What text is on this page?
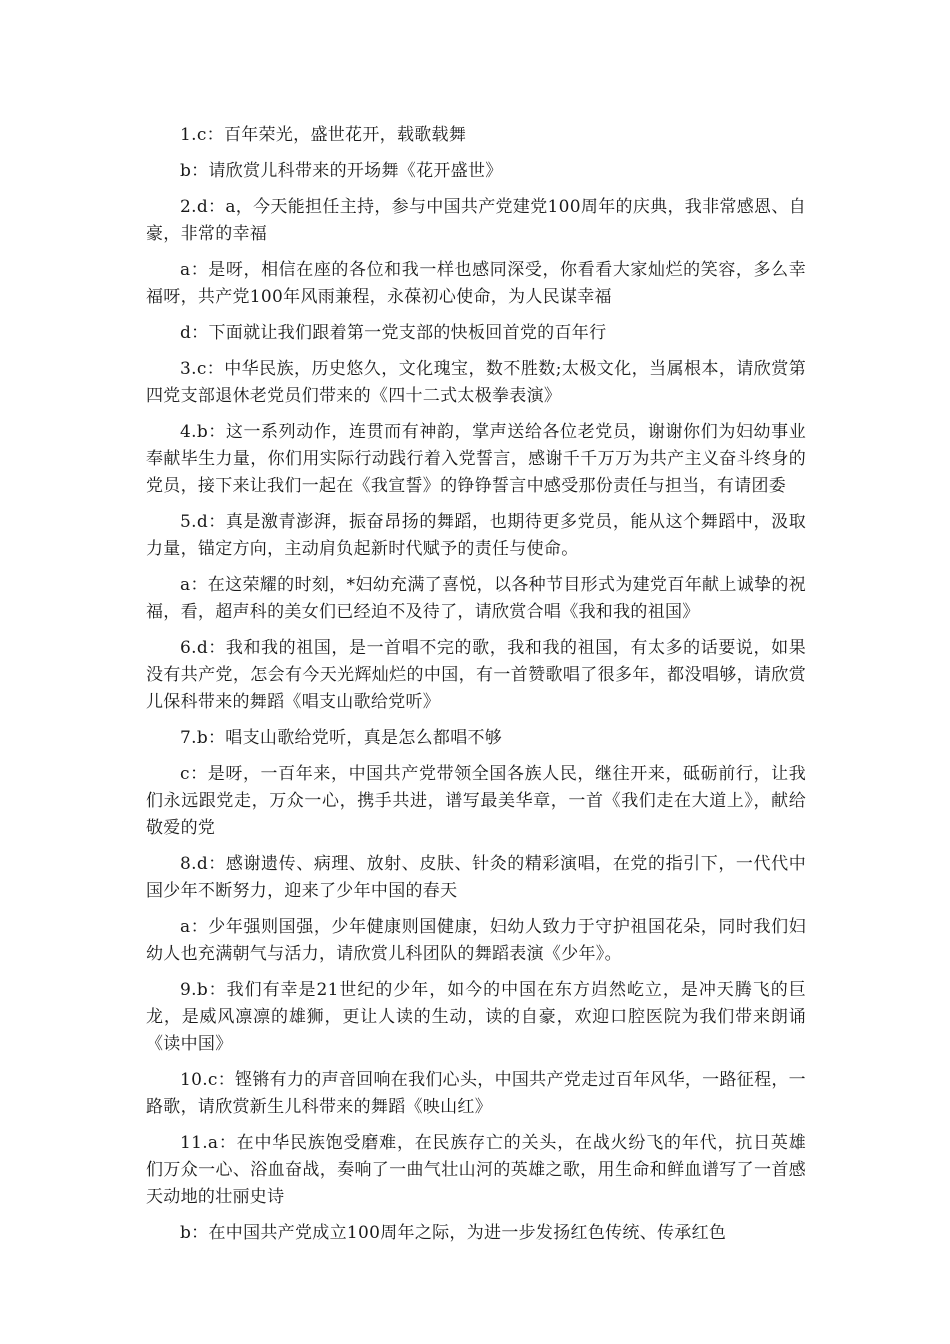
1.c：百年荣光，盛世花开，载歌载舞

b：请欣赏儿科带来的开场舞《花开盛世》

2.d：a，今天能担任主持，参与中国共产党建党100周年的庆典，我非常感恩、自豪，非常的幸福

a：是呀，相信在座的各位和我一样也感同深受，你看看大家灿烂的笑容，多么幸福呀，共产党100年风雨兼程，永葆初心使命，为人民谋幸福

d：下面就让我们跟着第一党支部的快板回首党的百年行

3.c：中华民族，历史悠久，文化瑰宝，数不胜数;太极文化，当属根本，请欣赏第四党支部退休老党员们带来的《四十二式太极拳表演》

4.b：这一系列动作，连贯而有神韵，掌声送给各位老党员，谢谢你们为妇幼事业奉献毕生力量，你们用实际行动践行着入党誓言，感谢千千万万为共产主义奋斗终身的党员，接下来让我们一起在《我宣誓》的铮铮誓言中感受那份责任与担当，有请团委

5.d：真是激青澎湃，振奋昂扬的舞蹈，也期待更多党员，能从这个舞蹈中，汲取力量，锚定方向，主动肩负起新时代赋予的责任与使命。

a：在这荣耀的时刻，*妇幼充满了喜悦，以各种节目形式为建党百年献上诚挚的祝福，看，超声科的美女们已经迫不及待了，请欣赏合唱《我和我的祖国》

6.d：我和我的祖国，是一首唱不完的歌，我和我的祖国，有太多的话要说，如果没有共产党，怎会有今天光辉灿烂的中国，有一首赞歌唱了很多年，都没唱够，请欣赏儿保科带来的舞蹈《唱支山歌给党听》

7.b：唱支山歌给党听，真是怎么都唱不够

c：是呀，一百年来，中国共产党带领全国各族人民，继往开来，砥砺前行，让我们永远跟党走，万众一心，携手共进，谱写最美华章，一首《我们走在大道上》，献给敬爱的党

8.d：感谢遗传、病理、放射、皮肤、针灸的精彩演唱，在党的指引下，一代代中国少年不断努力，迎来了少年中国的春天

a：少年强则国强，少年健康则国健康，妇幼人致力于守护祖国花朵，同时我们妇幼人也充满朝气与活力，请欣赏儿科团队的舞蹈表演《少年》。

9.b：我们有幸是21世纪的少年，如今的中国在东方岿然屹立，是冲天腾飞的巨龙，是威风凛凛的雄狮，更让人读的生动，读的自豪，欢迎口腔医院为我们带来朗诵《读中国》

10.c：铿锵有力的声音回响在我们心头，中国共产党走过百年风华，一路征程，一路歌，请欣赏新生儿科带来的舞蹈《映山红》

11.a：在中华民族饱受磨难，在民族存亡的关头，在战火纷飞的年代，抗日英雄们万众一心、浴血奋战，奏响了一曲气壮山河的英雄之歌，用生命和鲜血谱写了一首感天动地的壮丽史诗

b：在中国共产党成立100周年之际，为进一步发扬红色传统、传承红色
